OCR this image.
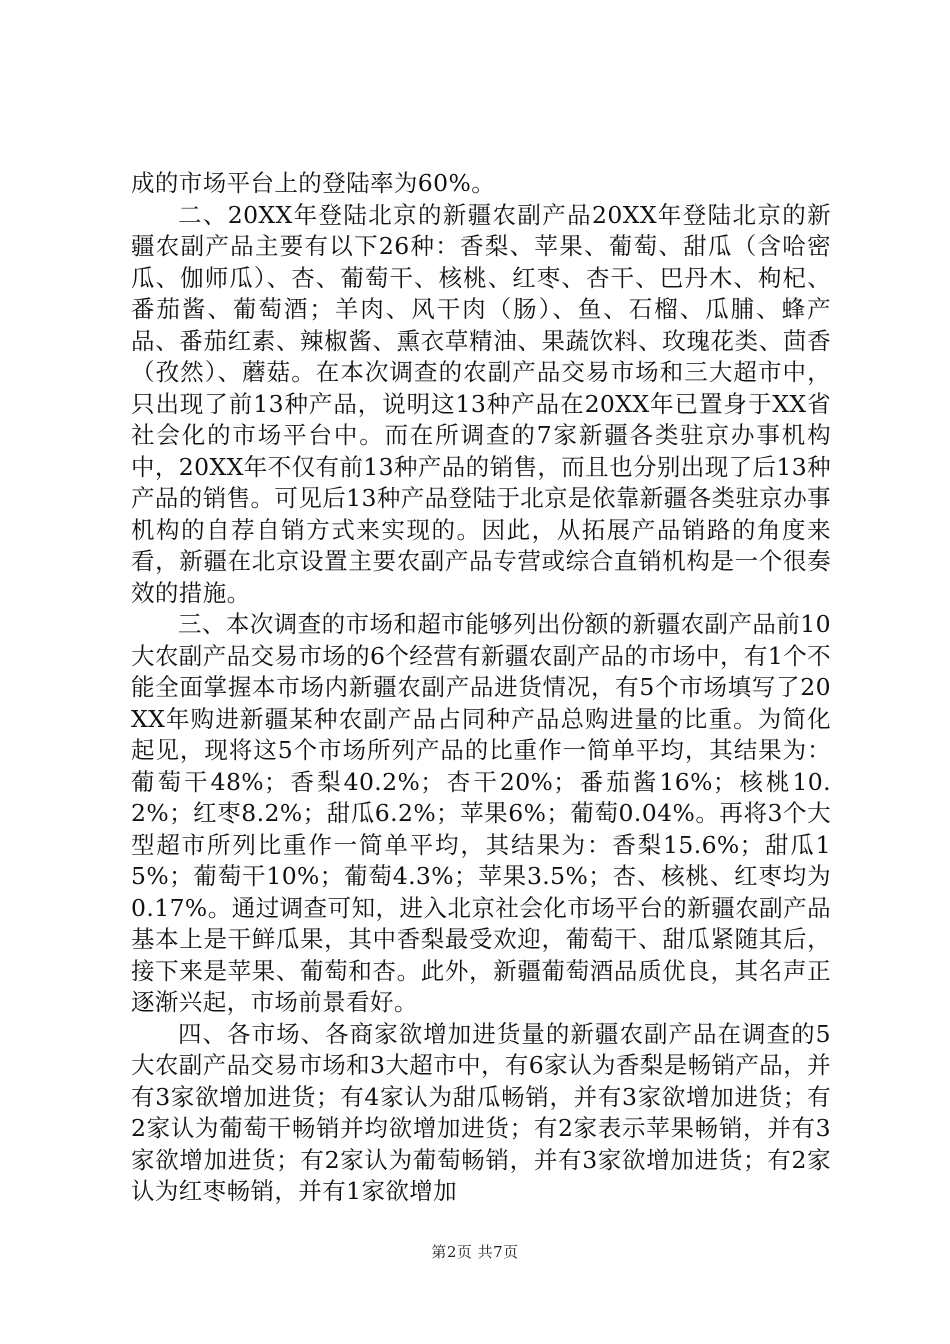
成的市场平台上的登陆率为60%。

二、20XX年登陆北京的新疆农副产品20XX年登陆北京的新疆农副产品主要有以下26种：香梨、苹果、葡萄、甜瓜（含哈密瓜、伽师瓜）、杏、葡萄干、核桃、红枣、杏干、巴丹木、枸杞、番茄酱、葡萄酒；羊肉、风干肉（肠）、鱼、石榴、瓜脯、蜂产品、番茄红素、辣椒酱、熏衣草精油、果蔬饮料、玫瑰花类、茴香（孜然）、蘑菇。在本次调查的农副产品交易市场和三大超市中，只出现了前13种产品，说明这13种产品在20XX年已置身于XX省社会化的市场平台中。而在所调查的7家新疆各类驻京办事机构中，20XX年不仅有前13种产品的销售，而且也分别出现了后13种产品的销售。可见后13种产品登陆于北京是依靠新疆各类驻京办事机构的自荐自销方式来实现的。因此，从拓展产品销路的角度来看，新疆在北京设置主要农副产品专营或综合直销机构是一个很奏效的措施。

三、本次调查的市场和超市能够列出份额的新疆农副产品前10大农副产品交易市场的6个经营有新疆农副产品的市场中，有1个不能全面掌握本市场内新疆农副产品进货情况，有5个市场填写了20XX年购进新疆某种农副产品占同种产品总购进量的比重。为简化起见，现将这5个市场所列产品的比重作一简单平均，其结果为：葡萄干48%；香梨40.2%；杏干20%；番茄酱16%；核桃10.2%；红枣8.2%；甜瓜6.2%；苹果6%；葡萄0.04%。再将3个大型超市所列比重作一简单平均，其结果为：香梨15.6%；甜瓜15%；葡萄干10%；葡萄4.3%；苹果3.5%；杏、核桃、红枣均为0.17%。通过调查可知，进入北京社会化市场平台的新疆农副产品基本上是干鲜瓜果，其中香梨最受欢迎，葡萄干、甜瓜紧随其后，接下来是苹果、葡萄和杏。此外，新疆葡萄酒品质优良，其名声正逐渐兴起，市场前景看好。

四、各市场、各商家欲增加进货量的新疆农副产品在调查的5大农副产品交易市场和3大超市中，有6家认为香梨是畅销产品，并有3家欲增加进货；有4家认为甜瓜畅销，并有3家欲增加进货；有2家认为葡萄干畅销并均欲增加进货；有2家表示苹果畅销，并有3家欲增加进货；有2家认为葡萄畅销，并有3家欲增加进货；有2家认为红枣畅销，并有1家欲增加

第2页 共7页
